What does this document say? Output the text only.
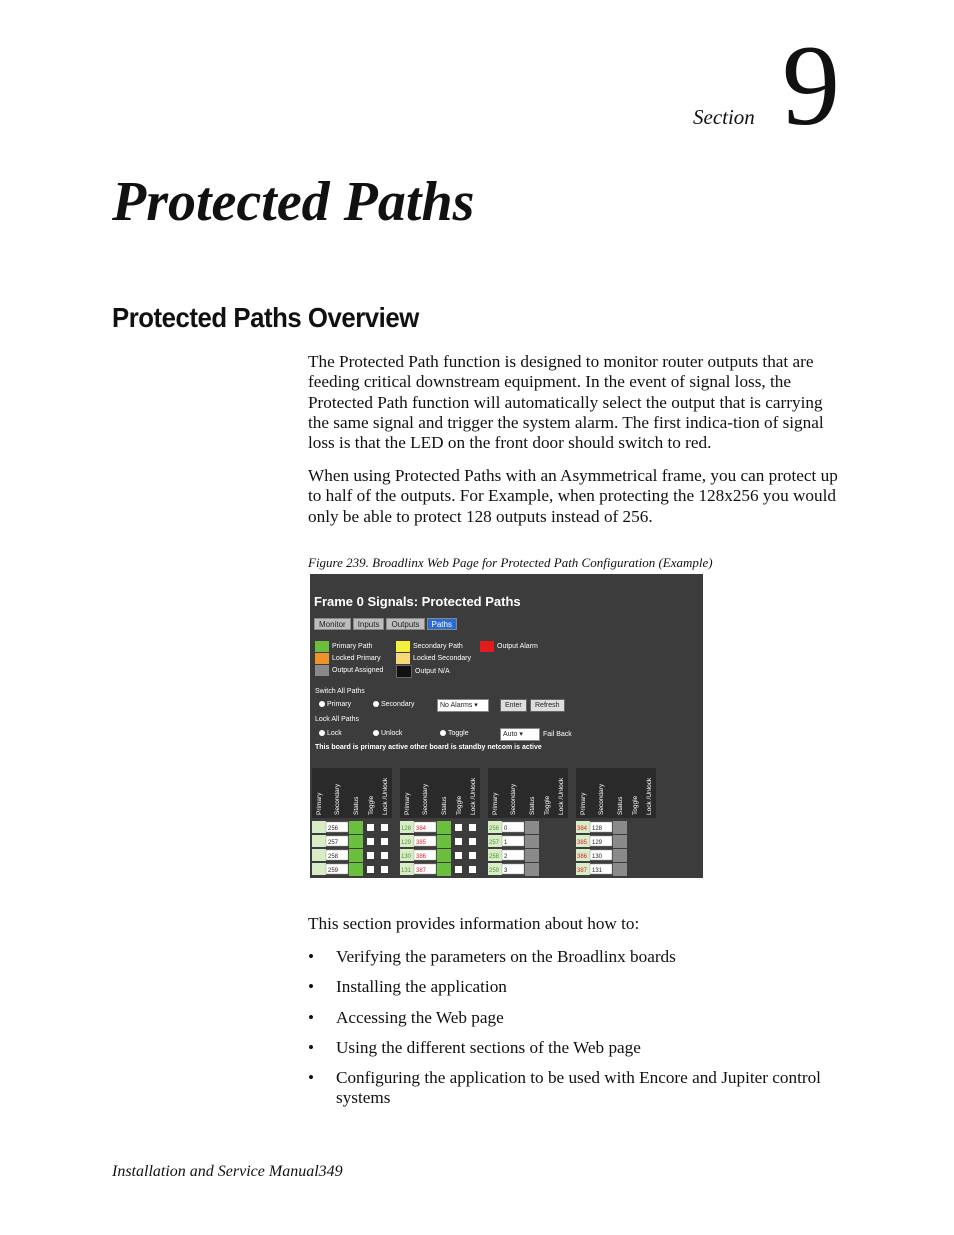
Section 9
Protected Paths
Protected Paths Overview

The Protected Path function is designed to monitor router outputs that are feeding critical downstream equipment. In the event of signal loss, the Protected Path function will automatically select the output that is carrying the same signal and trigger the system alarm. The first indica-tion of signal loss is that the LED on the front door should switch to red.

When using Protected Paths with an Asymmetrical frame, you can protect up to half of the outputs. For Example, when protecting the 128x256 you would only be able to protect 128 outputs instead of 256.

Figure 239. Broadlinx Web Page for Protected Path Configuration (Example)
Frame 0 Signals: Protected Paths
Monitor	Inputs	Outputs	Paths
Primary Path	Secondary Path	Output Alarm
Locked Primary	Locked Secondary
Output Assigned	Output N/A
Switch All Paths
Primary	Secondary	No Alarms ▾	Enter	Refresh
Lock All Paths
Lock	Unlock	Toggle	Auto ▾	Fail Back
This board is primary active other board is standby netcom is active
Primary Secondary Status Toggle Lock /Unlock
256
257
258
259
Primary Secondary Status Toggle Lock /Unlock
128 384
129 385
130 386
131 387
Primary Secondary Status Toggle Lock /Unlock
256 0
257 1
258 2
259 3
Primary Secondary Status Toggle Lock /Unlock
384 128
385 129
386 130
387 131
This section provides information about how to:
• Verifying the parameters on the Broadlinx boards
• Installing the application
• Accessing the Web page
• Using the different sections of the Web page
• Configuring the application to be used with Encore and Jupiter control systems
Installation and Service Manual349
